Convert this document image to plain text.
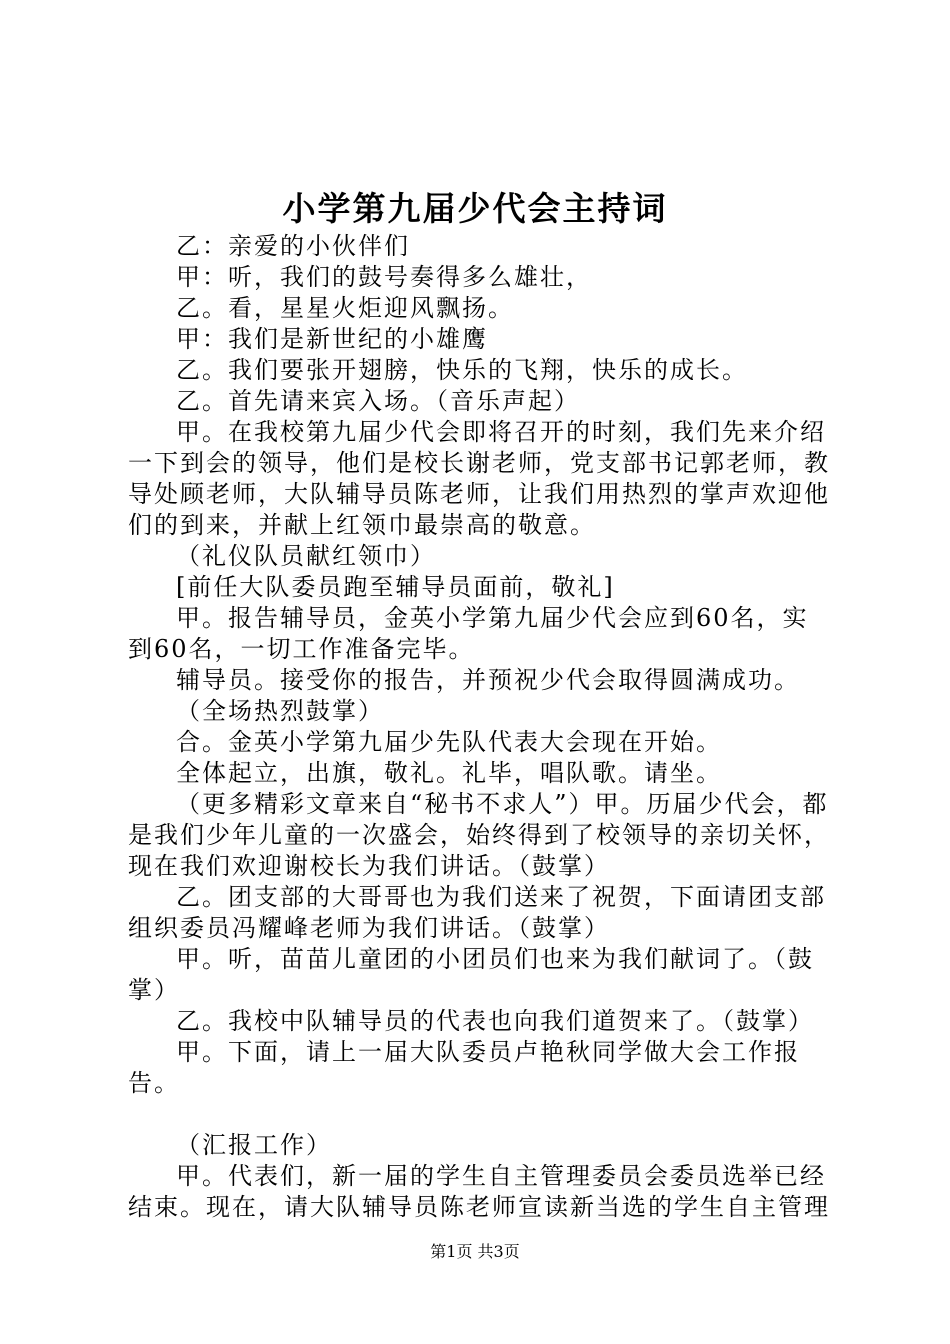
小学第九届少代会主持词

乙：亲爱的小伙伴们

甲：听，我们的鼓号奏得多么雄壮，

乙。看，星星火炬迎风飘扬。

甲：我们是新世纪的小雄鹰

乙。我们要张开翅膀，快乐的飞翔，快乐的成长。

乙。首先请来宾入场。（音乐声起）

甲。在我校第九届少代会即将召开的时刻，我们先来介绍一下到会的领导，他们是校长谢老师，党支部书记郭老师，教导处顾老师，大队辅导员陈老师，让我们用热烈的掌声欢迎他们的到来，并献上红领巾最崇高的敬意。

（礼仪队员献红领巾）

[前任大队委员跑至辅导员面前，敬礼]

甲。报告辅导员，金英小学第九届少代会应到60名，实到60名，一切工作准备完毕。

辅导员。接受你的报告，并预祝少代会取得圆满成功。

（全场热烈鼓掌）

合。金英小学第九届少先队代表大会现在开始。

全体起立，出旗，敬礼。礼毕，唱队歌。请坐。

（更多精彩文章来自“秘书不求人”）甲。历届少代会，都是我们少年儿童的一次盛会，始终得到了校领导的亲切关怀，现在我们欢迎谢校长为我们讲话。（鼓掌）

乙。团支部的大哥哥也为我们送来了祝贺，下面请团支部组织委员冯耀峰老师为我们讲话。（鼓掌）

甲。听，苗苗儿童团的小团员们也来为我们献词了。（鼓掌）

乙。我校中队辅导员的代表也向我们道贺来了。（鼓掌）

甲。下面，请上一届大队委员卢艳秋同学做大会工作报告。

（汇报工作）

甲。代表们，新一届的学生自主管理委员会委员选举已经结束。现在，请大队辅导员陈老师宣读新当选的学生自主管理

第1页 共3页
